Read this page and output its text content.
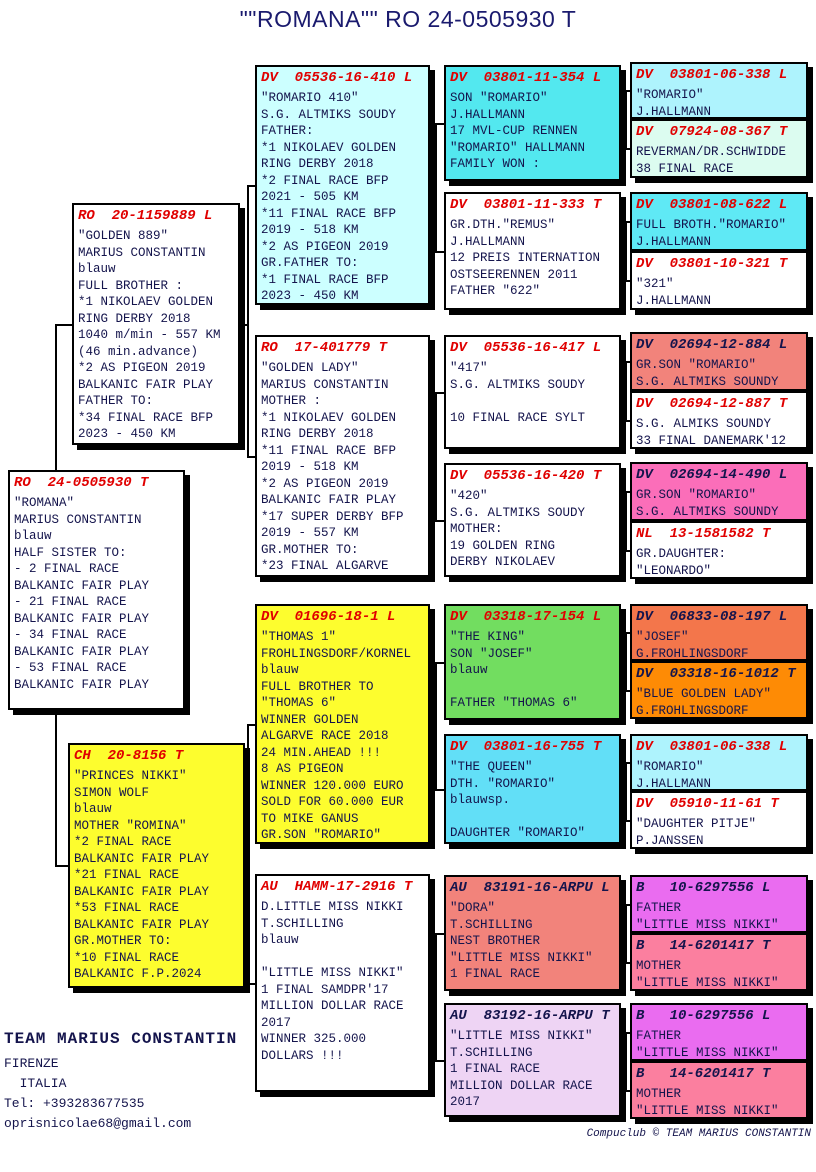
""ROMANA"" RO 24-0505930 T
RO  20-1159889 L
"GOLDEN 889"
MARIUS CONSTANTIN
blauw
FULL BROTHER :
*1 NIKOLAEV GOLDEN
RING DERBY 2018
1040 m/min - 557 KM
(46 min.advance)
*2 AS PIGEON 2019
BALKANIC FAIR PLAY
FATHER TO:
*34 FINAL RACE BFP
2023 - 450 KM
RO  24-0505930 T
"ROMANA"
MARIUS CONSTANTIN
blauw
HALF SISTER TO:
- 2 FINAL RACE
BALKANIC FAIR PLAY
- 21 FINAL RACE
BALKANIC FAIR PLAY
- 34 FINAL RACE
BALKANIC FAIR PLAY
- 53 FINAL RACE
BALKANIC FAIR PLAY
CH  20-8156 T
"PRINCES NIKKI"
SIMON WOLF
blauw
MOTHER "ROMINA"
*2 FINAL RACE
BALKANIC FAIR PLAY
*21 FINAL RACE
BALKANIC FAIR PLAY
*53 FINAL RACE
BALKANIC FAIR PLAY
GR.MOTHER TO:
*10 FINAL RACE
BALKANIC F.P.2024
DV  05536-16-410 L
"ROMARIO 410"
S.G. ALTMIKS SOUDY
FATHER:
*1 NIKOLAEV GOLDEN
RING DERBY 2018
*2 FINAL RACE BFP
2021 - 505 KM
*11 FINAL RACE BFP
2019 - 518 KM
*2 AS PIGEON 2019
GR.FATHER TO:
*1 FINAL RACE BFP
2023 - 450 KM
RO  17-401779 T
"GOLDEN LADY"
MARIUS CONSTANTIN
MOTHER :
*1 NIKOLAEV GOLDEN
RING DERBY 2018
*11 FINAL RACE BFP
2019 - 518 KM
*2 AS PIGEON 2019
BALKANIC FAIR PLAY
*17 SUPER DERBY BFP
2019 - 557 KM
GR.MOTHER TO:
*23 FINAL ALGARVE
DV  01696-18-1 L
"THOMAS 1"
FROHLINGSDORF/KORNEL
blauw
FULL BROTHER TO
"THOMAS 6"
WINNER GOLDEN
ALGARVE RACE 2018
24 MIN.AHEAD !!!
8 AS PIGEON
WINNER 120.000 EURO
SOLD FOR 60.000 EUR
TO MIKE GANUS
GR.SON "ROMARIO"
AU  HAMM-17-2916 T
D.LITTLE MISS NIKKI
T.SCHILLING
blauw

"LITTLE MISS NIKKI"
1 FINAL SAMDPR'17
MILLION DOLLAR RACE
2017
WINNER 325.000
DOLLARS !!!
DV  03801-11-354 L
SON "ROMARIO"
J.HALLMANN
17 MVL-CUP RENNEN
"ROMARIO" HALLMANN
FAMILY WON :
DV  03801-11-333 T
GR.DTH."REMUS"
J.HALLMANN
12 PREIS INTERNATION
OSTSEERENNEN 2011
FATHER "622"
DV  05536-16-417 L
"417"
S.G. ALTMIKS SOUDY

10 FINAL RACE SYLT
DV  05536-16-420 T
"420"
S.G. ALTMIKS SOUDY
MOTHER:
19 GOLDEN RING
DERBY NIKOLAEV
DV  03318-17-154 L
"THE KING"
SON "JOSEF"
blauw

FATHER "THOMAS 6"
DV  03801-16-755 T
"THE QUEEN"
DTH. "ROMARIO"
blauwsp.

DAUGHTER "ROMARIO"
AU  83191-16-ARPU L
"DORA"
T.SCHILLING
NEST BROTHER
"LITTLE MISS NIKKI"
1 FINAL RACE
AU  83192-16-ARPU T
"LITTLE MISS NIKKI"
T.SCHILLING
1 FINAL RACE
MILLION DOLLAR RACE
2017
DV  03801-06-338 L
"ROMARIO"
J.HALLMANN
DV  07924-08-367 T
REVERMAN/DR.SCHWIDDE
38 FINAL RACE
DV  03801-08-622 L
FULL BROTH."ROMARIO"
J.HALLMANN
DV  03801-10-321 T
"321"
J.HALLMANN
DV  02694-12-884 L
GR.SON "ROMARIO"
S.G. ALTMIKS SOUNDY
DV  02694-12-887 T
S.G. ALMIKS SOUNDY
33 FINAL DANEMARK'12
DV  02694-14-490 L
GR.SON "ROMARIO"
S.G. ALTMIKS SOUNDY
NL  13-1581582 T
GR.DAUGHTER:
"LEONARDO"
DV  06833-08-197 L
"JOSEF"
G.FROHLINGSDORF
DV  03318-16-1012 T
"BLUE GOLDEN LADY"
G.FROHLINGSDORF
DV  03801-06-338 L
"ROMARIO"
J.HALLMANN
DV  05910-11-61 T
"DAUGHTER PITJE"
P.JANSSEN
B   10-6297556 L
FATHER
"LITTLE MISS NIKKI"
B   14-6201417 T
MOTHER
"LITTLE MISS NIKKI"
B   10-6297556 L
FATHER
"LITTLE MISS NIKKI"
B   14-6201417 T
MOTHER
"LITTLE MISS NIKKI"
TEAM MARIUS CONSTANTIN
FIRENZE
ITALIA
Tel: +393283677535
oprisnicolae68@gmail.com
Compuclub © TEAM MARIUS CONSTANTIN
